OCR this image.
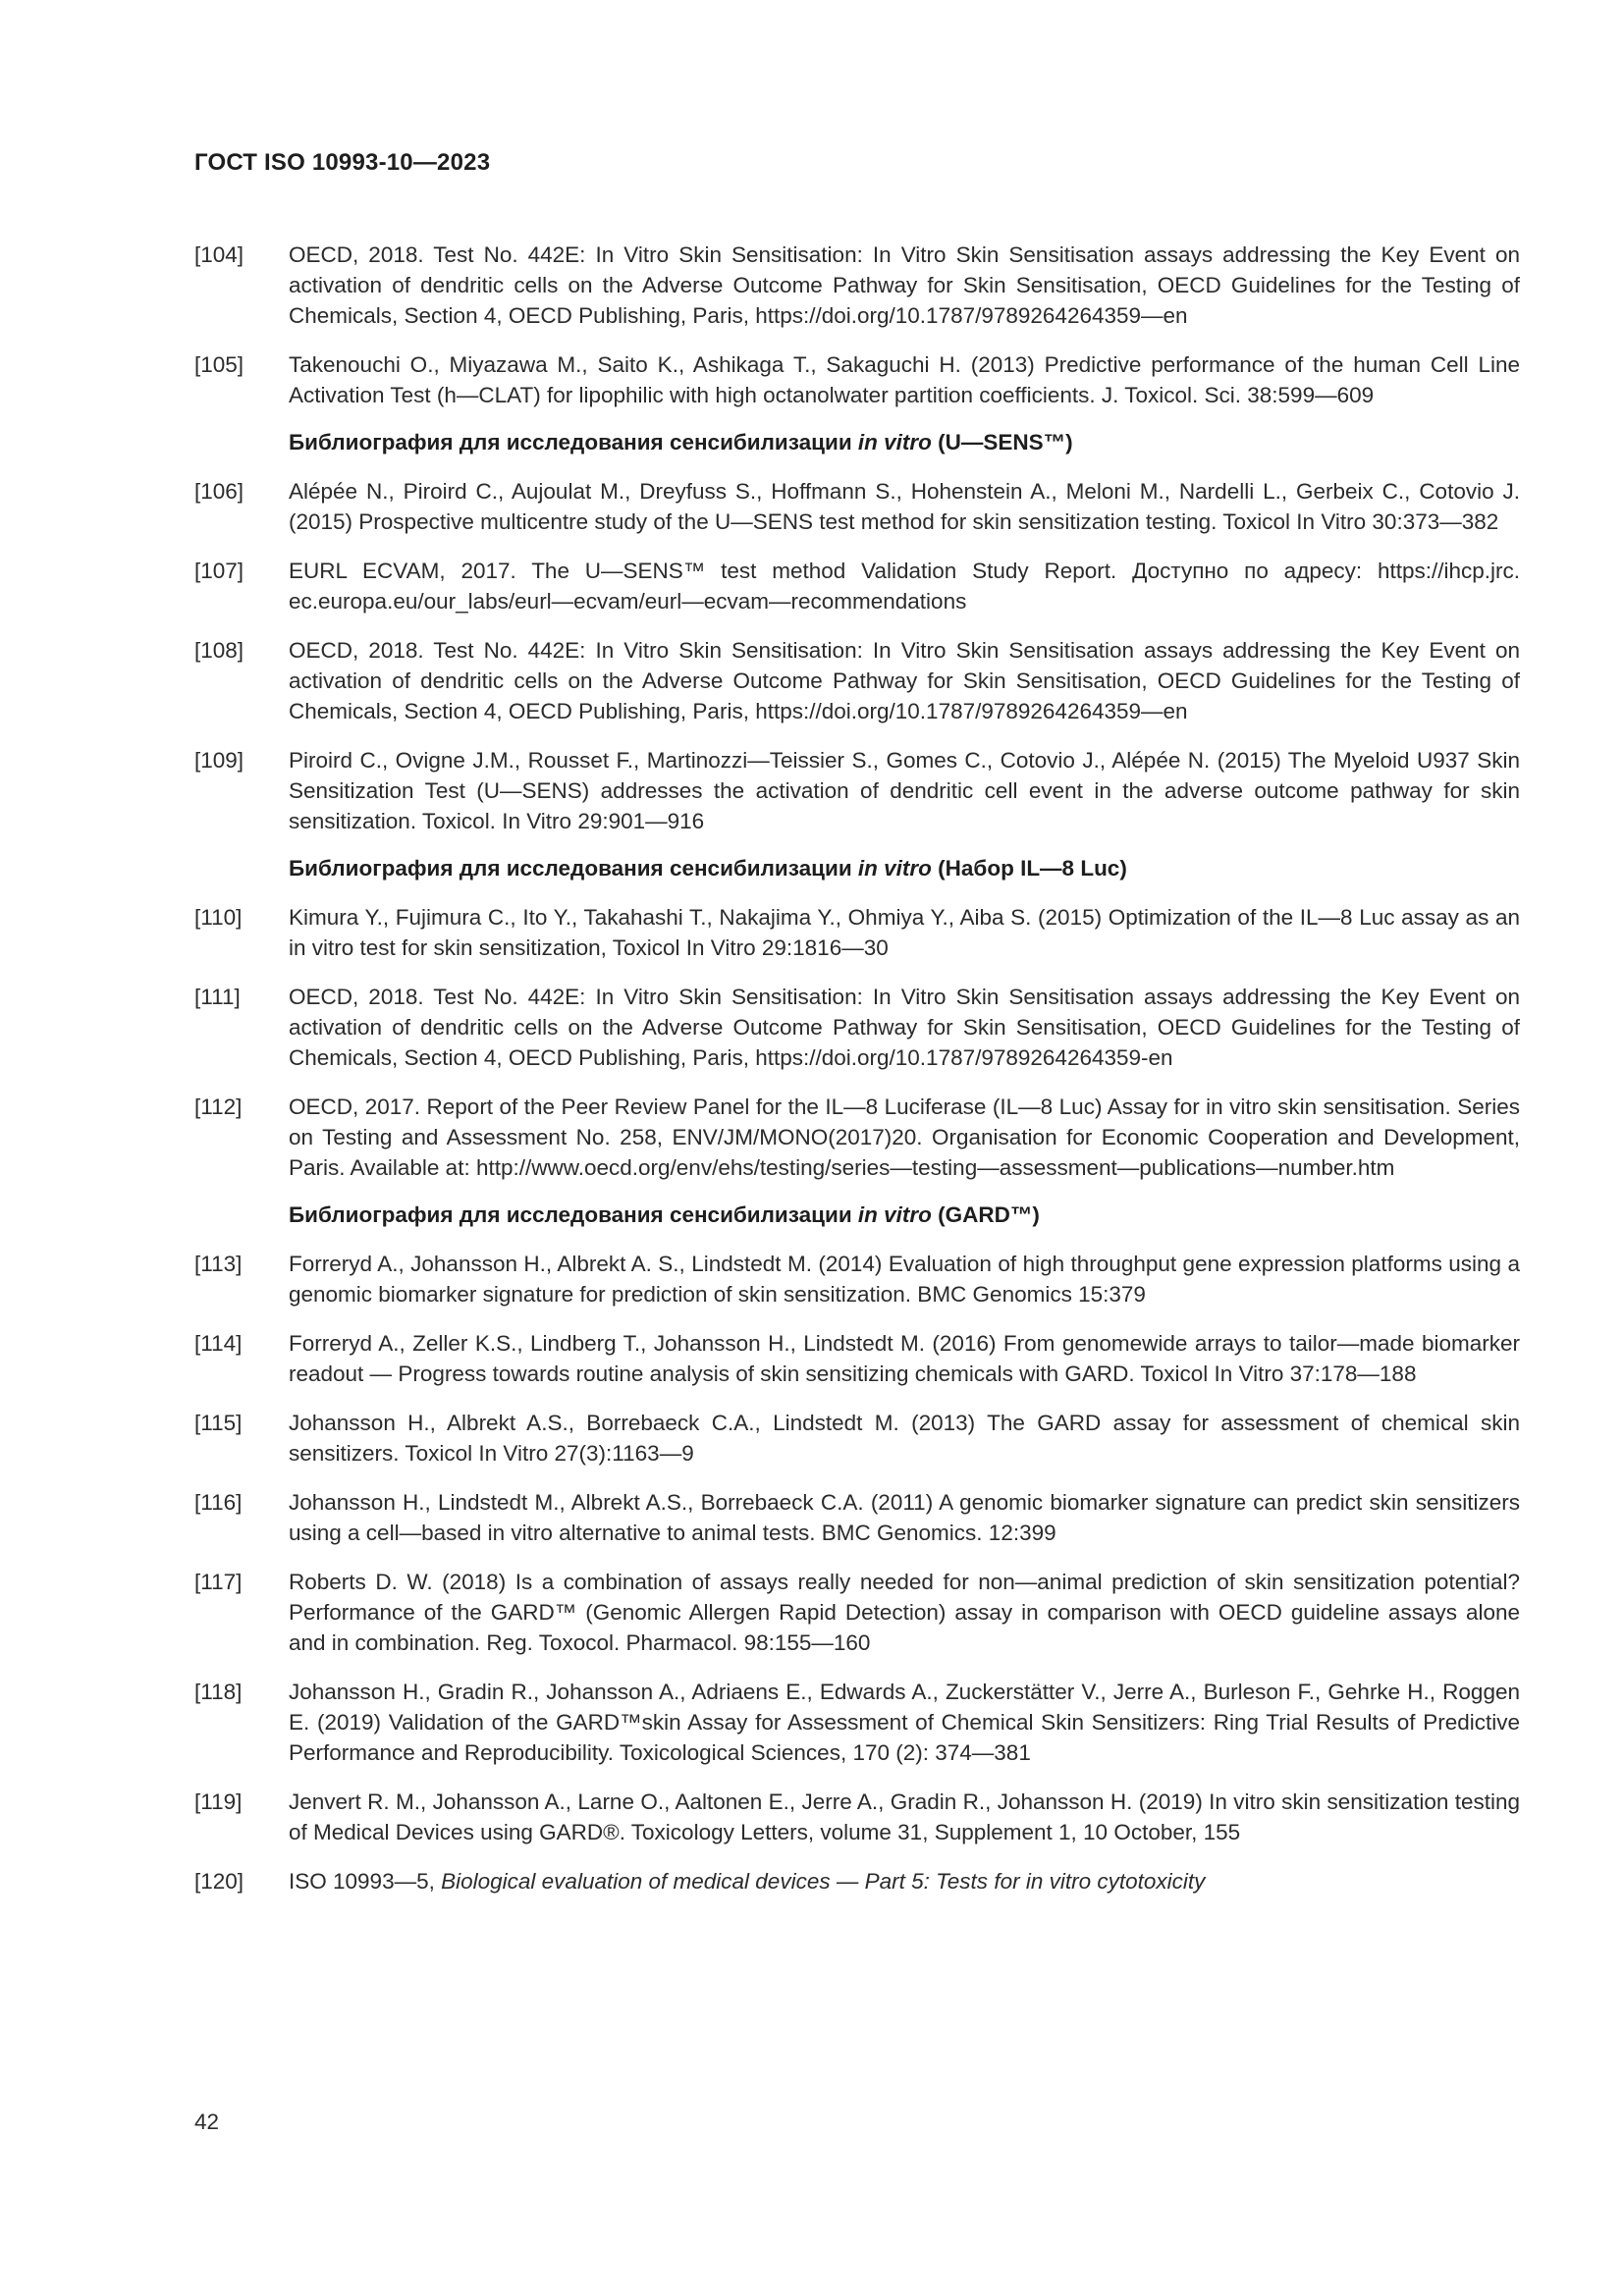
ГОСТ ISO 10993-10—2023
[104]	OECD, 2018. Test No. 442E: In Vitro Skin Sensitisation: In Vitro Skin Sensitisation assays addressing the Key Event on activation of dendritic cells on the Adverse Outcome Pathway for Skin Sensitisation, OECD Guidelines for the Testing of Chemicals, Section 4, OECD Publishing, Paris, https://doi.org/10.1787/9789264264359—en
[105]	Takenouchi O., Miyazawa M., Saito K., Ashikaga T., Sakaguchi H. (2013) Predictive performance of the human Cell Line Activation Test (h—CLAT) for lipophilic with high octanolwater partition coefficients. J. Toxicol. Sci. 38:599—609
Библиография для исследования сенсибилизации in vitro (U—SENS™)
[106]	Alépée N., Piroird C., Aujoulat M., Dreyfuss S., Hoffmann S., Hohenstein A., Meloni M., Nardelli L., Gerbeix C., Cotovio J. (2015) Prospective multicentre study of the U—SENS test method for skin sensitization testing. Toxicol In Vitro 30:373—382
[107]	EURL ECVAM, 2017. The U—SENS™ test method Validation Study Report. Доступно по адресу: https://ihcp.jrc. ec.europa.eu/our_labs/eurl—ecvam/eurl—ecvam—recommendations
[108]	OECD, 2018. Test No. 442E: In Vitro Skin Sensitisation: In Vitro Skin Sensitisation assays addressing the Key Event on activation of dendritic cells on the Adverse Outcome Pathway for Skin Sensitisation, OECD Guidelines for the Testing of Chemicals, Section 4, OECD Publishing, Paris, https://doi.org/10.1787/9789264264359—en
[109]	Piroird C., Ovigne J.M., Rousset F., Martinozzi—Teissier S., Gomes C., Cotovio J., Alépée N. (2015) The Myeloid U937 Skin Sensitization Test (U—SENS) addresses the activation of dendritic cell event in the adverse outcome pathway for skin sensitization. Toxicol. In Vitro 29:901—916
Библиография для исследования сенсибилизации in vitro (Набор IL—8 Luc)
[110]	Kimura Y., Fujimura C., Ito Y., Takahashi T., Nakajima Y., Ohmiya Y., Aiba S. (2015) Optimization of the IL—8 Luc assay as an in vitro test for skin sensitization, Toxicol In Vitro 29:1816—30
[111]	OECD, 2018. Test No. 442E: In Vitro Skin Sensitisation: In Vitro Skin Sensitisation assays addressing the Key Event on activation of dendritic cells on the Adverse Outcome Pathway for Skin Sensitisation, OECD Guidelines for the Testing of Chemicals, Section 4, OECD Publishing, Paris, https://doi.org/10.1787/9789264264359-en
[112]	OECD, 2017. Report of the Peer Review Panel for the IL—8 Luciferase (IL—8 Luc) Assay for in vitro skin sensitisation. Series on Testing and Assessment No. 258, ENV/JM/MONO(2017)20. Organisation for Economic Cooperation and Development, Paris. Available at: http://www.oecd.org/env/ehs/testing/series—testing—assessment—publications—number.htm
Библиография для исследования сенсибилизации in vitro (GARD™)
[113]	Forreryd A., Johansson H., Albrekt A. S., Lindstedt M. (2014) Evaluation of high throughput gene expression platforms using a genomic biomarker signature for prediction of skin sensitization. BMC Genomics 15:379
[114]	Forreryd A., Zeller K.S., Lindberg T., Johansson H., Lindstedt M. (2016) From genomewide arrays to tailor—made biomarker readout — Progress towards routine analysis of skin sensitizing chemicals with GARD. Toxicol In Vitro 37:178—188
[115]	Johansson H., Albrekt A.S., Borrebaeck C.A., Lindstedt M. (2013) The GARD assay for assessment of chemical skin sensitizers. Toxicol In Vitro 27(3):1163—9
[116]	Johansson H., Lindstedt M., Albrekt A.S., Borrebaeck C.A. (2011) A genomic biomarker signature can predict skin sensitizers using a cell—based in vitro alternative to animal tests. BMC Genomics. 12:399
[117]	Roberts D. W. (2018) Is a combination of assays really needed for non—animal prediction of skin sensitization potential? Performance of the GARD™ (Genomic Allergen Rapid Detection) assay in comparison with OECD guideline assays alone and in combination. Reg. Toxocol. Pharmacol. 98:155—160
[118]	Johansson H., Gradin R., Johansson A., Adriaens E., Edwards A., Zuckerstätter V., Jerre A., Burleson F., Gehrke H., Roggen E. (2019) Validation of the GARD™skin Assay for Assessment of Chemical Skin Sensitizers: Ring Trial Results of Predictive Performance and Reproducibility. Toxicological Sciences, 170 (2): 374—381
[119]	Jenvert R. M., Johansson A., Larne O., Aaltonen E., Jerre A., Gradin R., Johansson H. (2019) In vitro skin sensitization testing of Medical Devices using GARD®. Toxicology Letters, volume 31, Supplement 1, 10 October, 155
[120]	ISO 10993—5, Biological evaluation of medical devices — Part 5: Tests for in vitro cytotoxicity
42
